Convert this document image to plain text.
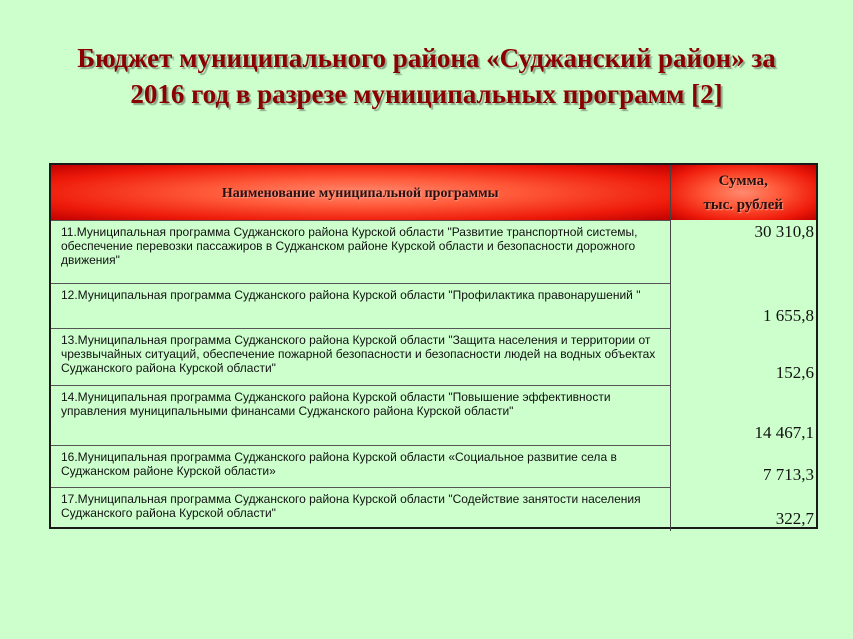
Бюджет муниципального района «Суджанский район» за 2016 год в разрезе муниципальных программ [2]
Наименование муниципальной программы	Сумма,
тыс. рублей

11.Муниципальная программа Суджанского района Курской области "Развитие транспортной системы, обеспечение перевозки пассажиров в Суджанском районе Курской области и безопасности дорожного движения"	30 310,8
12.Муниципальная программа Суджанского района Курской области "Профилактика правонарушений "	1 655,8
13.Муниципальная программа Суджанского района Курской области "Защита населения и территории от чрезвычайных ситуаций, обеспечение пожарной безопасности и безопасности людей на водных объектах Суджанского района Курской области"	152,6
14.Муниципальная программа Суджанского района Курской области "Повышение эффективности управления муниципальными финансами Суджанского района Курской области"	14 467,1
16.Муниципальная программа Суджанского района Курской области «Социальное развитие села в Суджанском районе Курской области»	7 713,3
17.Муниципальная программа Суджанского района Курской области "Содействие занятости населения Суджанского района Курской области"	322,7
